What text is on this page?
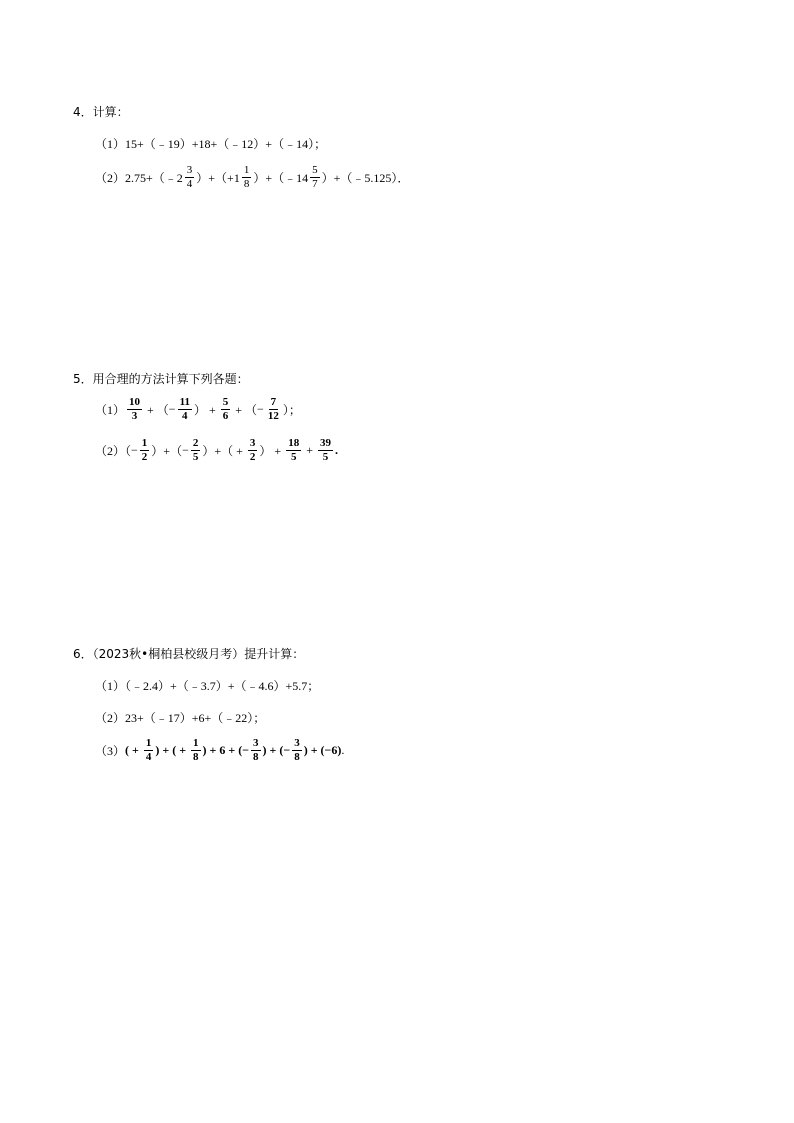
4．计算：
（1）15+（﹣19）+18+（﹣12）+（﹣14）；
（2）2.75+（﹣2 $\frac{3}{4} )+(+1 \frac{1}{8}$ ）+（﹣14 $\frac{5}{7}$ ）+（﹣5.125）．
5．用合理的方法计算下列各题：
$(1) \frac{10}{3}$ + （ − $\frac{11}{4}$ ） + $\frac{5}{6}$ + （ − $\frac{7}{12}$ ）；
$(2)( - \frac{1}{2}$ ）+（ − $\frac{2}{5}$ ）+（ + $\frac{3}{2}$ ） + $\frac{18}{5} + \frac{39}{5}$ .
6．（2023秋•桐柏县校级月考）提升计算：
（1）（﹣2.4）+（﹣3.7）+（﹣4.6）+5.7；
（2）23+（﹣17）+6+（﹣22）；
（3） ( + $\frac{1}{4}$ ) + ( + $\frac{1}{8}$ ) + 6 + (− $\frac{3}{8}$ ) + (− $\frac{3}{8}$ ) + (−6) .
